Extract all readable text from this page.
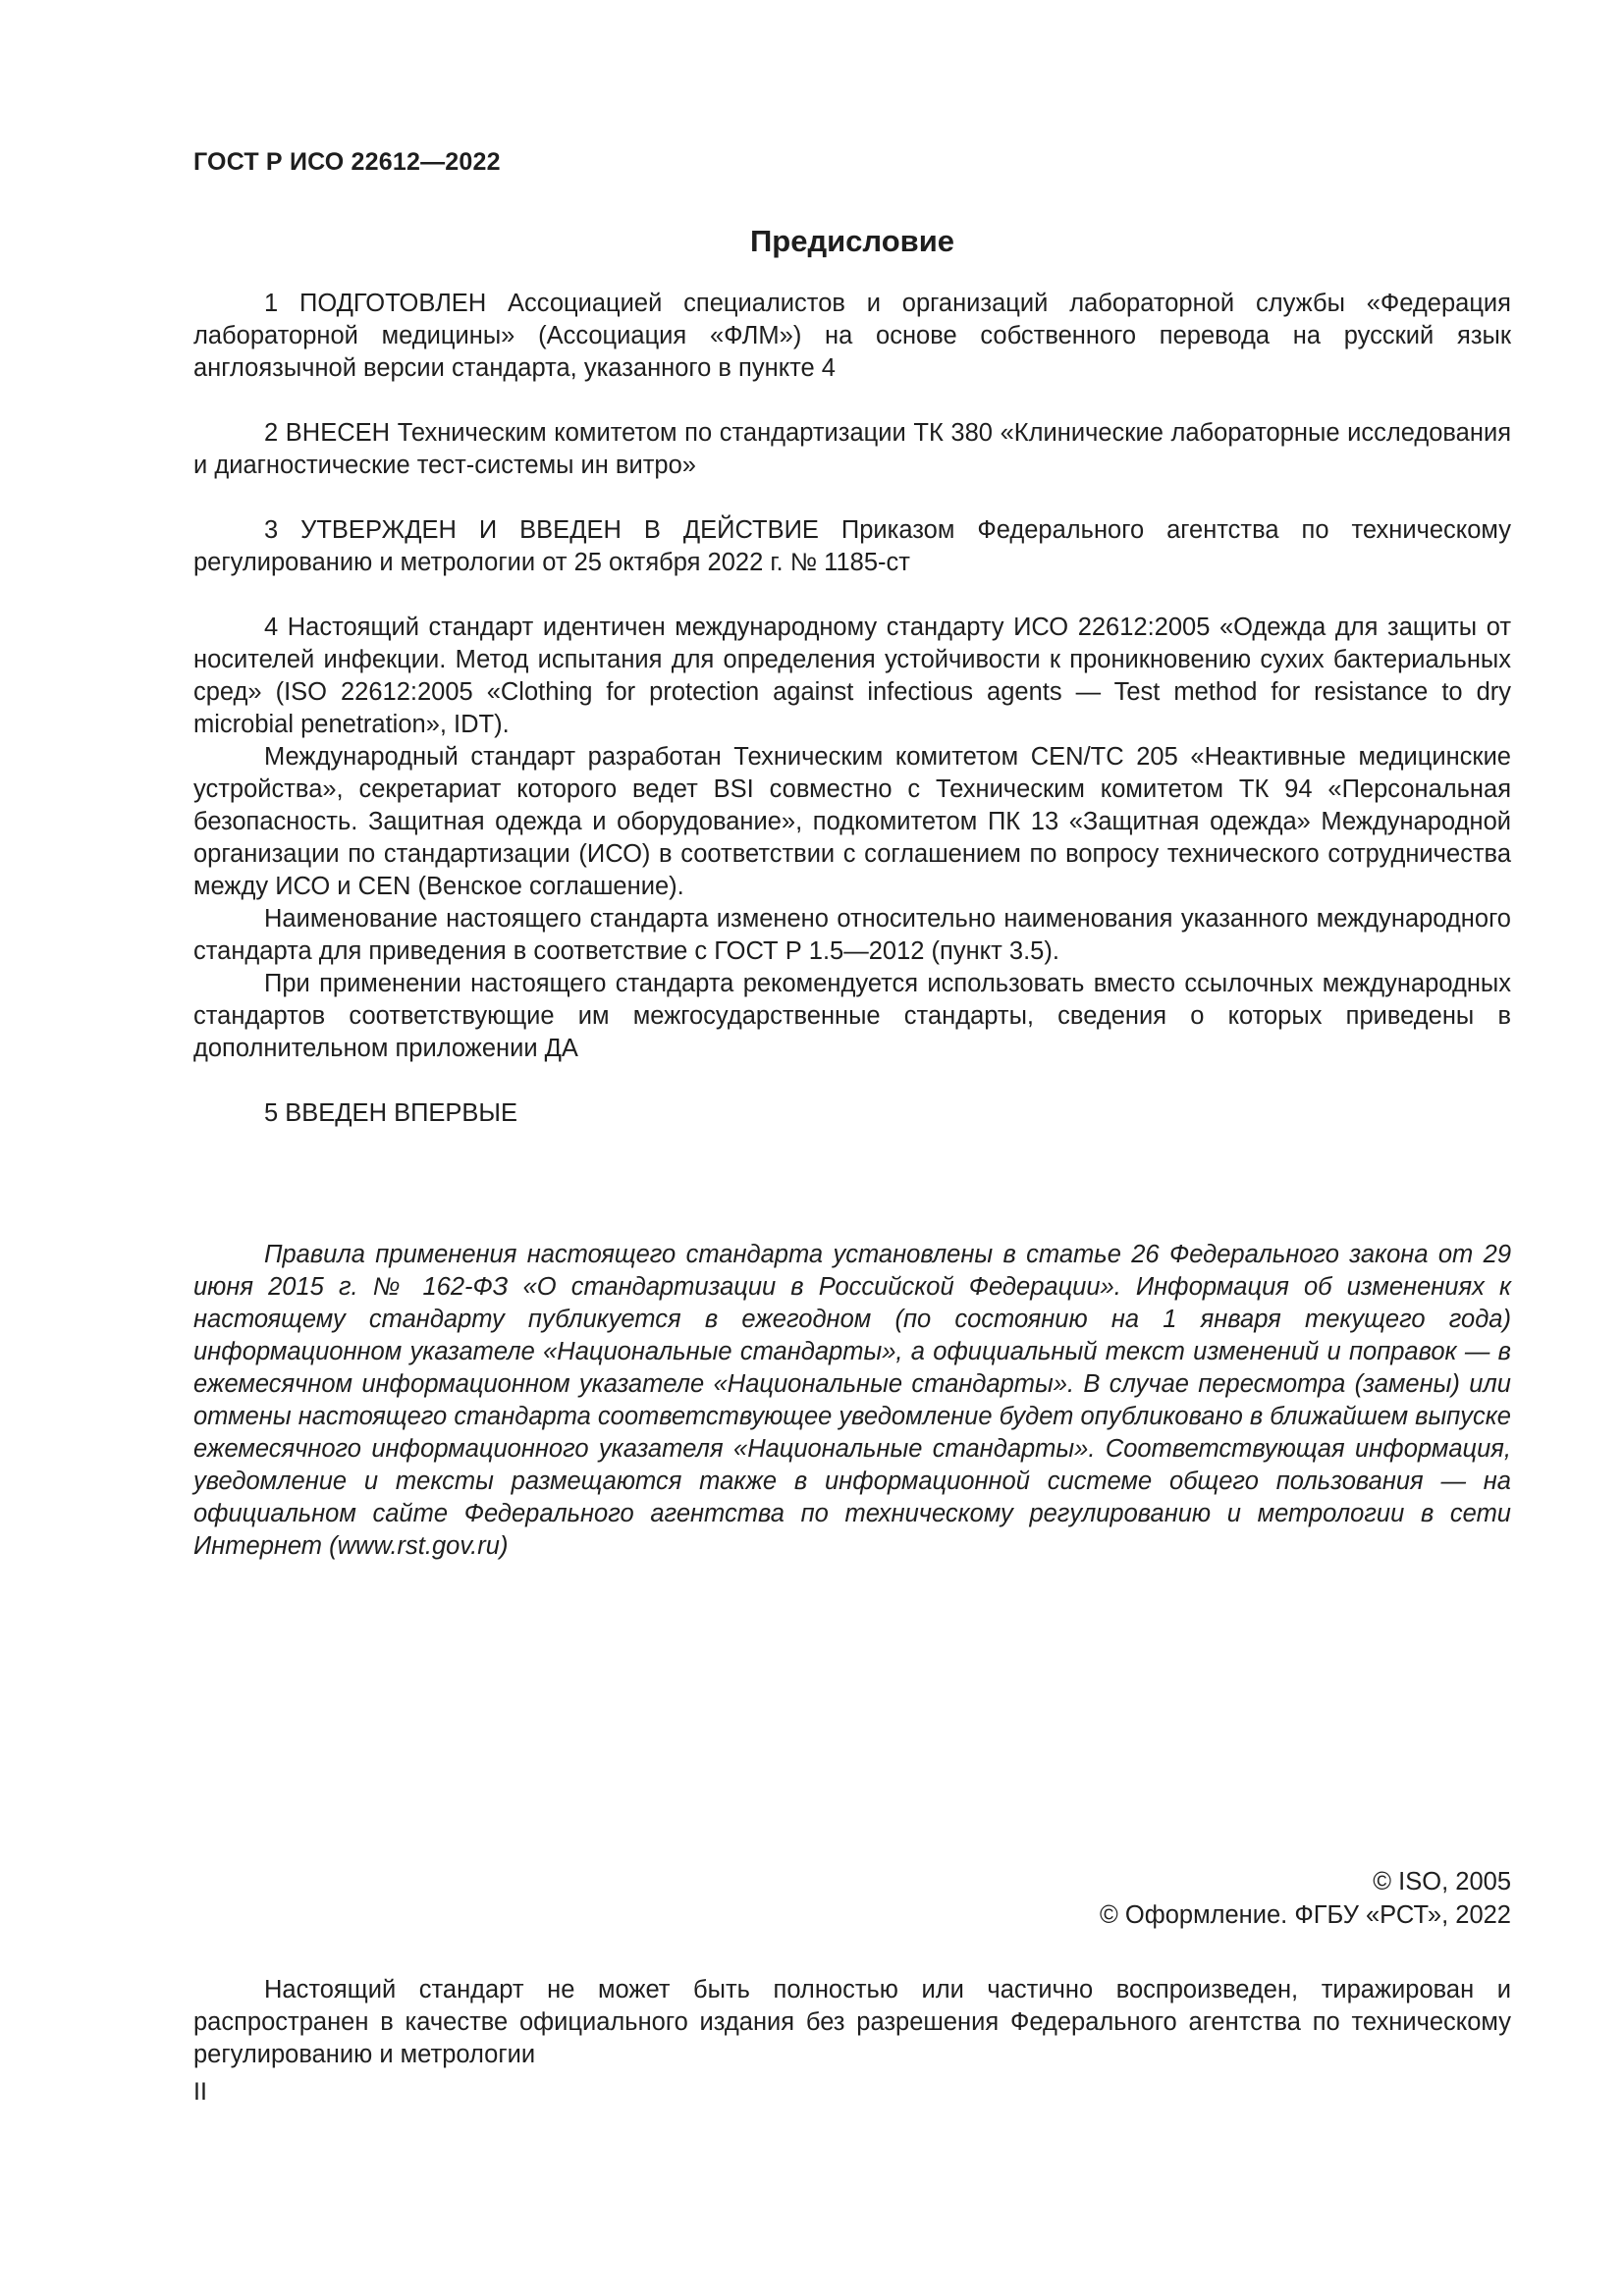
ГОСТ Р ИСО 22612—2022
Предисловие

1 ПОДГОТОВЛЕН Ассоциацией специалистов и организаций лабораторной службы «Федерация лабораторной медицины» (Ассоциация «ФЛМ») на основе собственного перевода на русский язык англоязычной версии стандарта, указанного в пункте 4

2 ВНЕСЕН Техническим комитетом по стандартизации ТК 380 «Клинические лабораторные исследования и диагностические тест-системы ин витро»

3 УТВЕРЖДЕН И ВВЕДЕН В ДЕЙСТВИЕ Приказом Федерального агентства по техническому регулированию и метрологии от 25 октября 2022 г. № 1185-ст

4 Настоящий стандарт идентичен международному стандарту ИСО 22612:2005 «Одежда для защиты от носителей инфекции. Метод испытания для определения устойчивости к проникновению сухих бактериальных сред» (ISO 22612:2005 «Clothing for protection against infectious agents — Test method for resistance to dry microbial penetration», IDT).

Международный стандарт разработан Техническим комитетом CEN/TC 205 «Неактивные медицинские устройства», секретариат которого ведет BSI совместно с Техническим комитетом ТК 94 «Персональная безопасность. Защитная одежда и оборудование», подкомитетом ПК 13 «Защитная одежда» Международной организации по стандартизации (ИСО) в соответствии с соглашением по вопросу технического сотрудничества между ИСО и CEN (Венское соглашение).

Наименование настоящего стандарта изменено относительно наименования указанного международного стандарта для приведения в соответствие с ГОСТ Р 1.5—2012 (пункт 3.5).

При применении настоящего стандарта рекомендуется использовать вместо ссылочных международных стандартов соответствующие им межгосударственные стандарты, сведения о которых приведены в дополнительном приложении ДА

5 ВВЕДЕН ВПЕРВЫЕ

Правила применения настоящего стандарта установлены в статье 26 Федерального закона от 29 июня 2015 г. № 162-ФЗ «О стандартизации в Российской Федерации». Информация об изменениях к настоящему стандарту публикуется в ежегодном (по состоянию на 1 января текущего года) информационном указателе «Национальные стандарты», а официальный текст изменений и поправок — в ежемесячном информационном указателе «Национальные стандарты». В случае пересмотра (замены) или отмены настоящего стандарта соответствующее уведомление будет опубликовано в ближайшем выпуске ежемесячного информационного указателя «Национальные стандарты». Соответствующая информация, уведомление и тексты размещаются также в информационной системе общего пользования — на официальном сайте Федерального агентства по техническому регулированию и метрологии в сети Интернет (www.rst.gov.ru)

© ISO, 2005
© Оформление. ФГБУ «РСТ», 2022

Настоящий стандарт не может быть полностью или частично воспроизведен, тиражирован и распространен в качестве официального издания без разрешения Федерального агентства по техническому регулированию и метрологии

II
